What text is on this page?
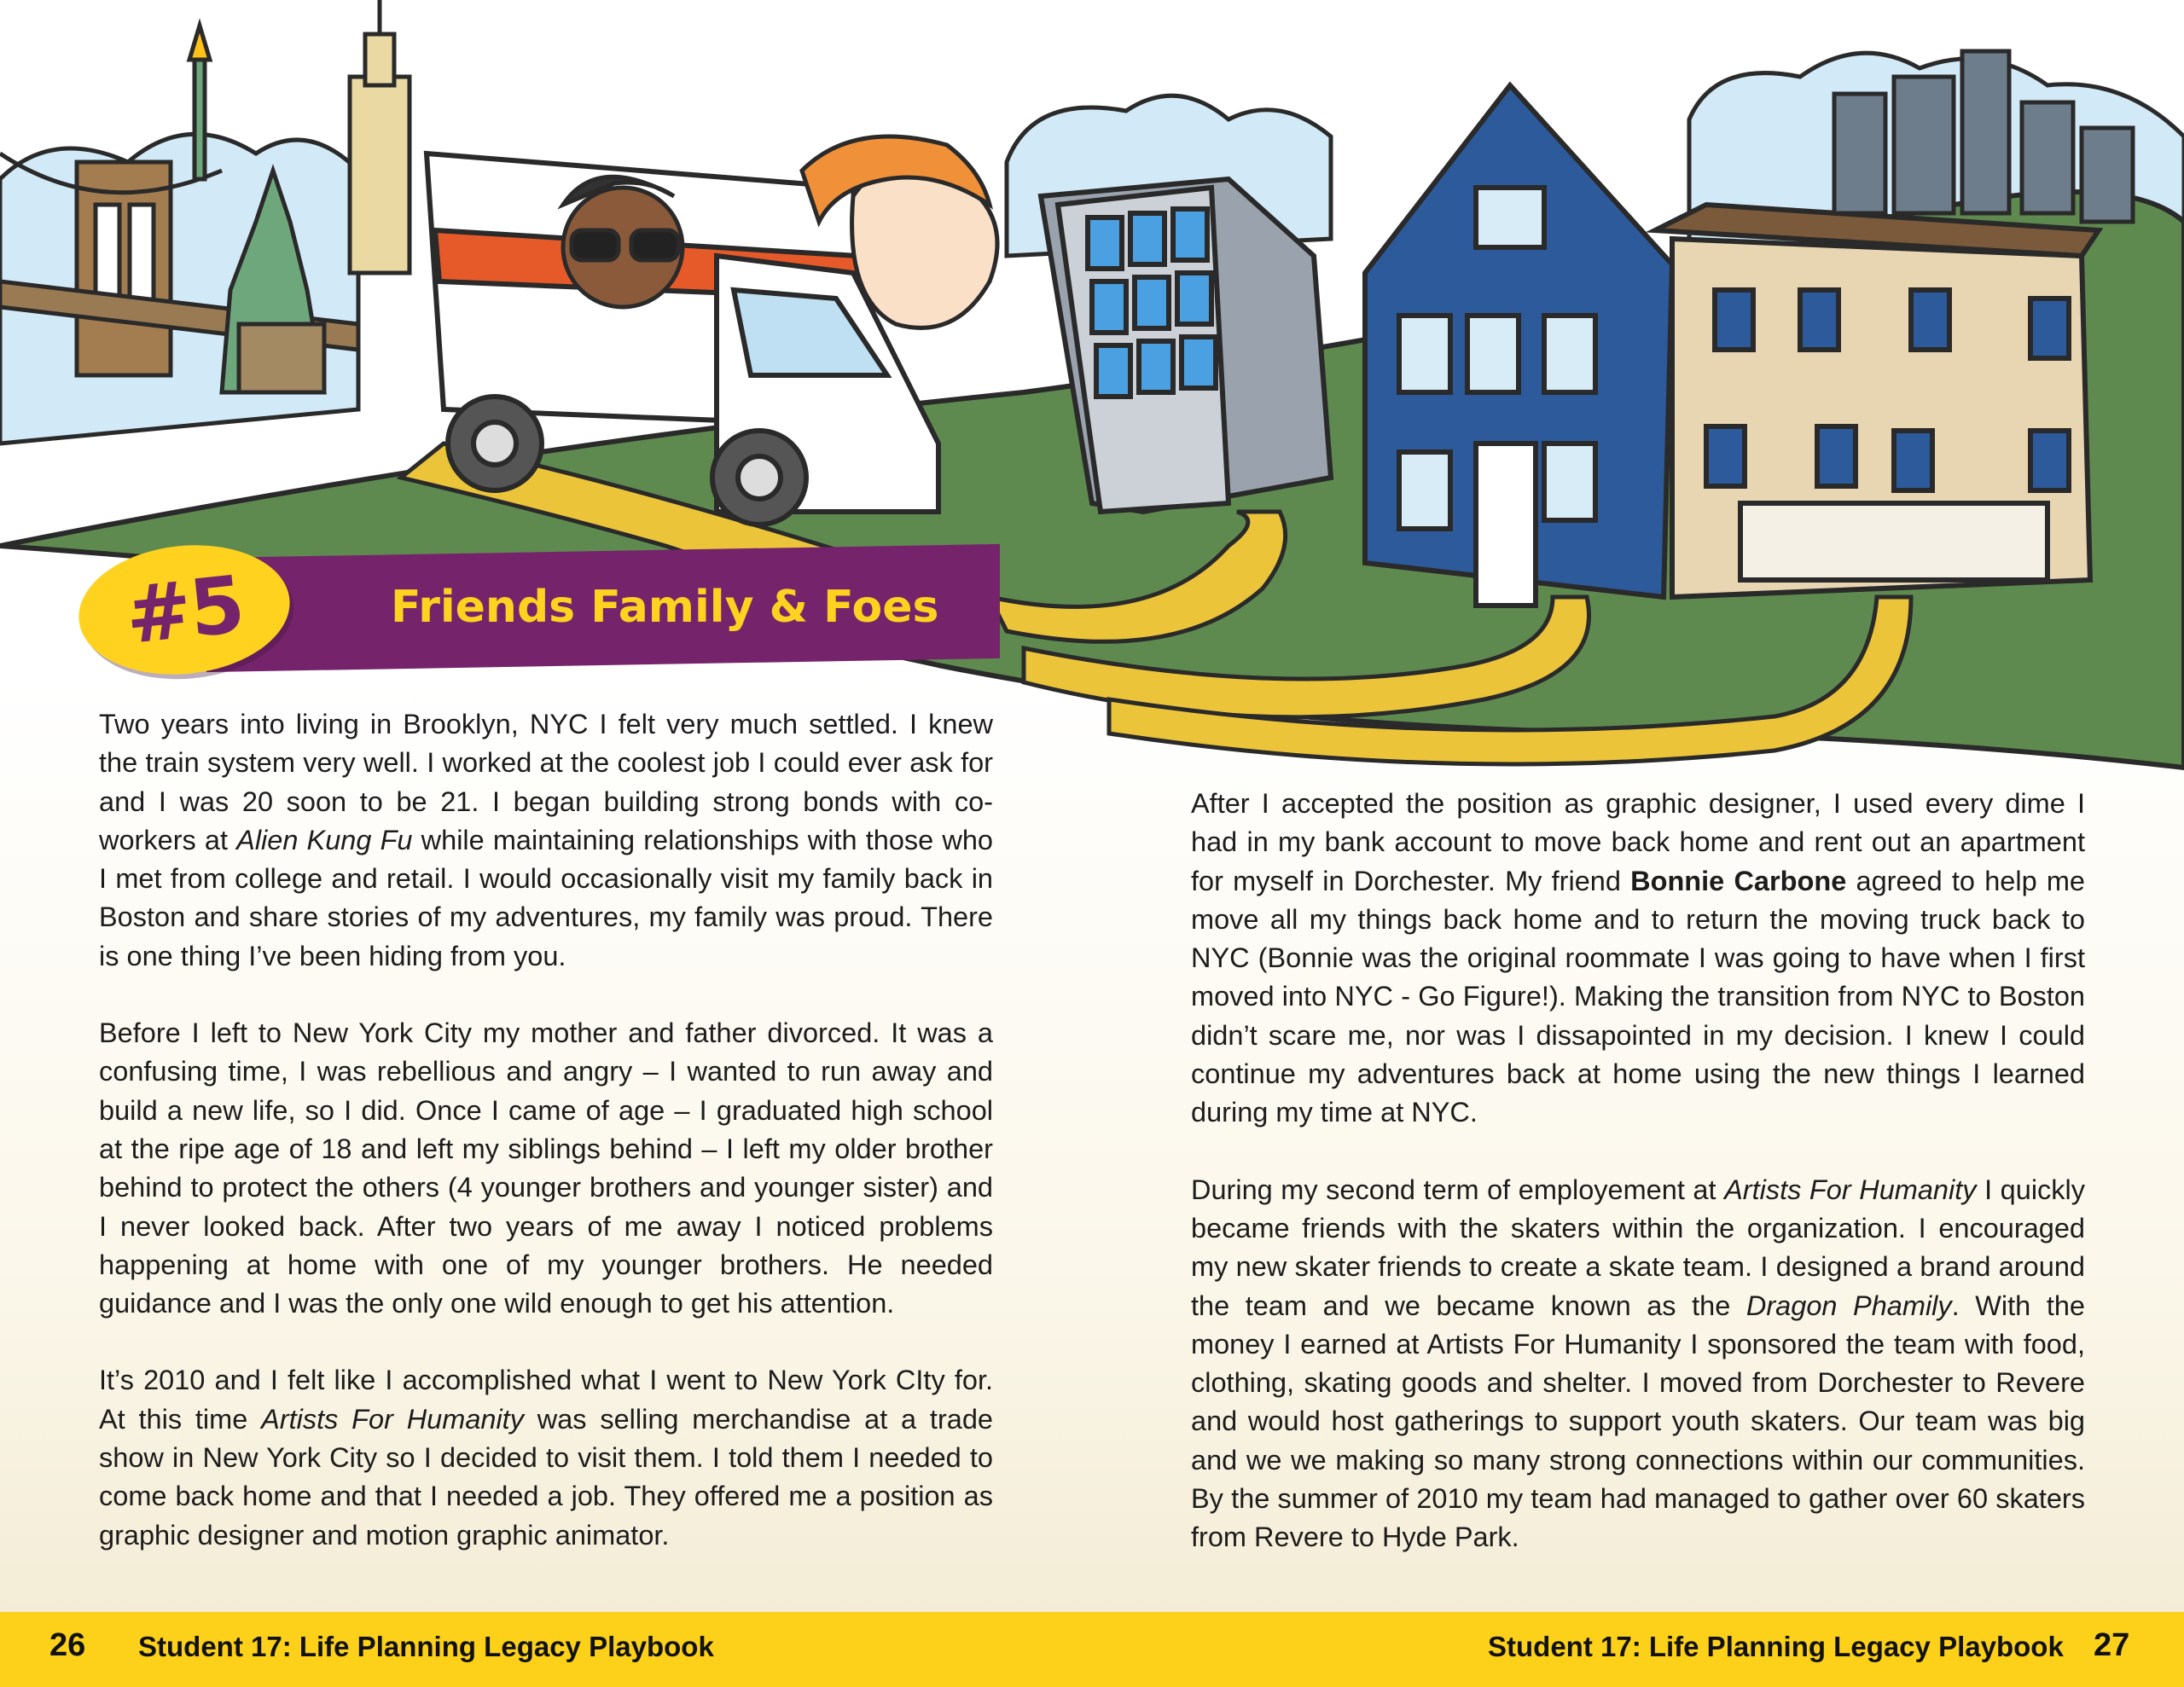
#5	Friends Family & Foes

Two years into living in Brooklyn, NYC I felt very much settled. I knew the train system very well. I worked at the coolest job I could ever ask for and I was 20 soon to be 21. I began building strong bonds with co-workers at Alien Kung Fu while maintaining relationships with those who I met from college and retail. I would occasionally visit my family back in Boston and share stories of my adventures, my family was proud. There is one thing I’ve been hiding from you.

Before I left to New York City my mother and father divorced. It was a confusing time, I was rebellious and angry – I wanted to run away and build a new life, so I did. Once I came of age – I graduated high school at the ripe age of 18 and left my siblings behind – I left my older brother behind to protect the others (4 younger brothers and younger sister) and I never looked back. After two years of me away I noticed problems happening at home with one of my younger brothers. He needed guidance and I was the only one wild enough to get his attention.

It’s 2010 and I felt like I accomplished what I went to New York CIty for. At this time Artists For Humanity was selling merchandise at a trade show in New York City so I decided to visit them. I told them I needed to come back home and that I needed a job. They offered me a position as graphic designer and motion graphic animator.

After I accepted the position as graphic designer, I used every dime I had in my bank account to move back home and rent out an apartment for myself in Dorchester. My friend Bonnie Carbone agreed to help me move all my things back home and to return the moving truck back to NYC (Bonnie was the original roommate I was going to have when I first moved into NYC - Go Figure!). Making the transition from NYC to Boston didn’t scare me, nor was I dissapointed in my decision. I knew I could continue my adventures back at home using the new things I learned during my time at NYC.

During my second term of employement at Artists For Humanity I quickly became friends with the skaters within the organization. I encouraged my new skater friends to create a skate team. I designed a brand around the team and we became known as the Dragon Phamily. With the money I earned at Artists For Humanity I sponsored the team with food, clothing, skating goods and shelter. I moved from Dorchester to Revere and would host gatherings to support youth skaters. Our team was big and we we making so many strong connections within our communities. By the summer of 2010 my team had managed to gather over 60 skaters from Revere to Hyde Park.

26 Student 17: Life Planning Legacy Playbook	Student 17: Life Planning Legacy Playbook 27
